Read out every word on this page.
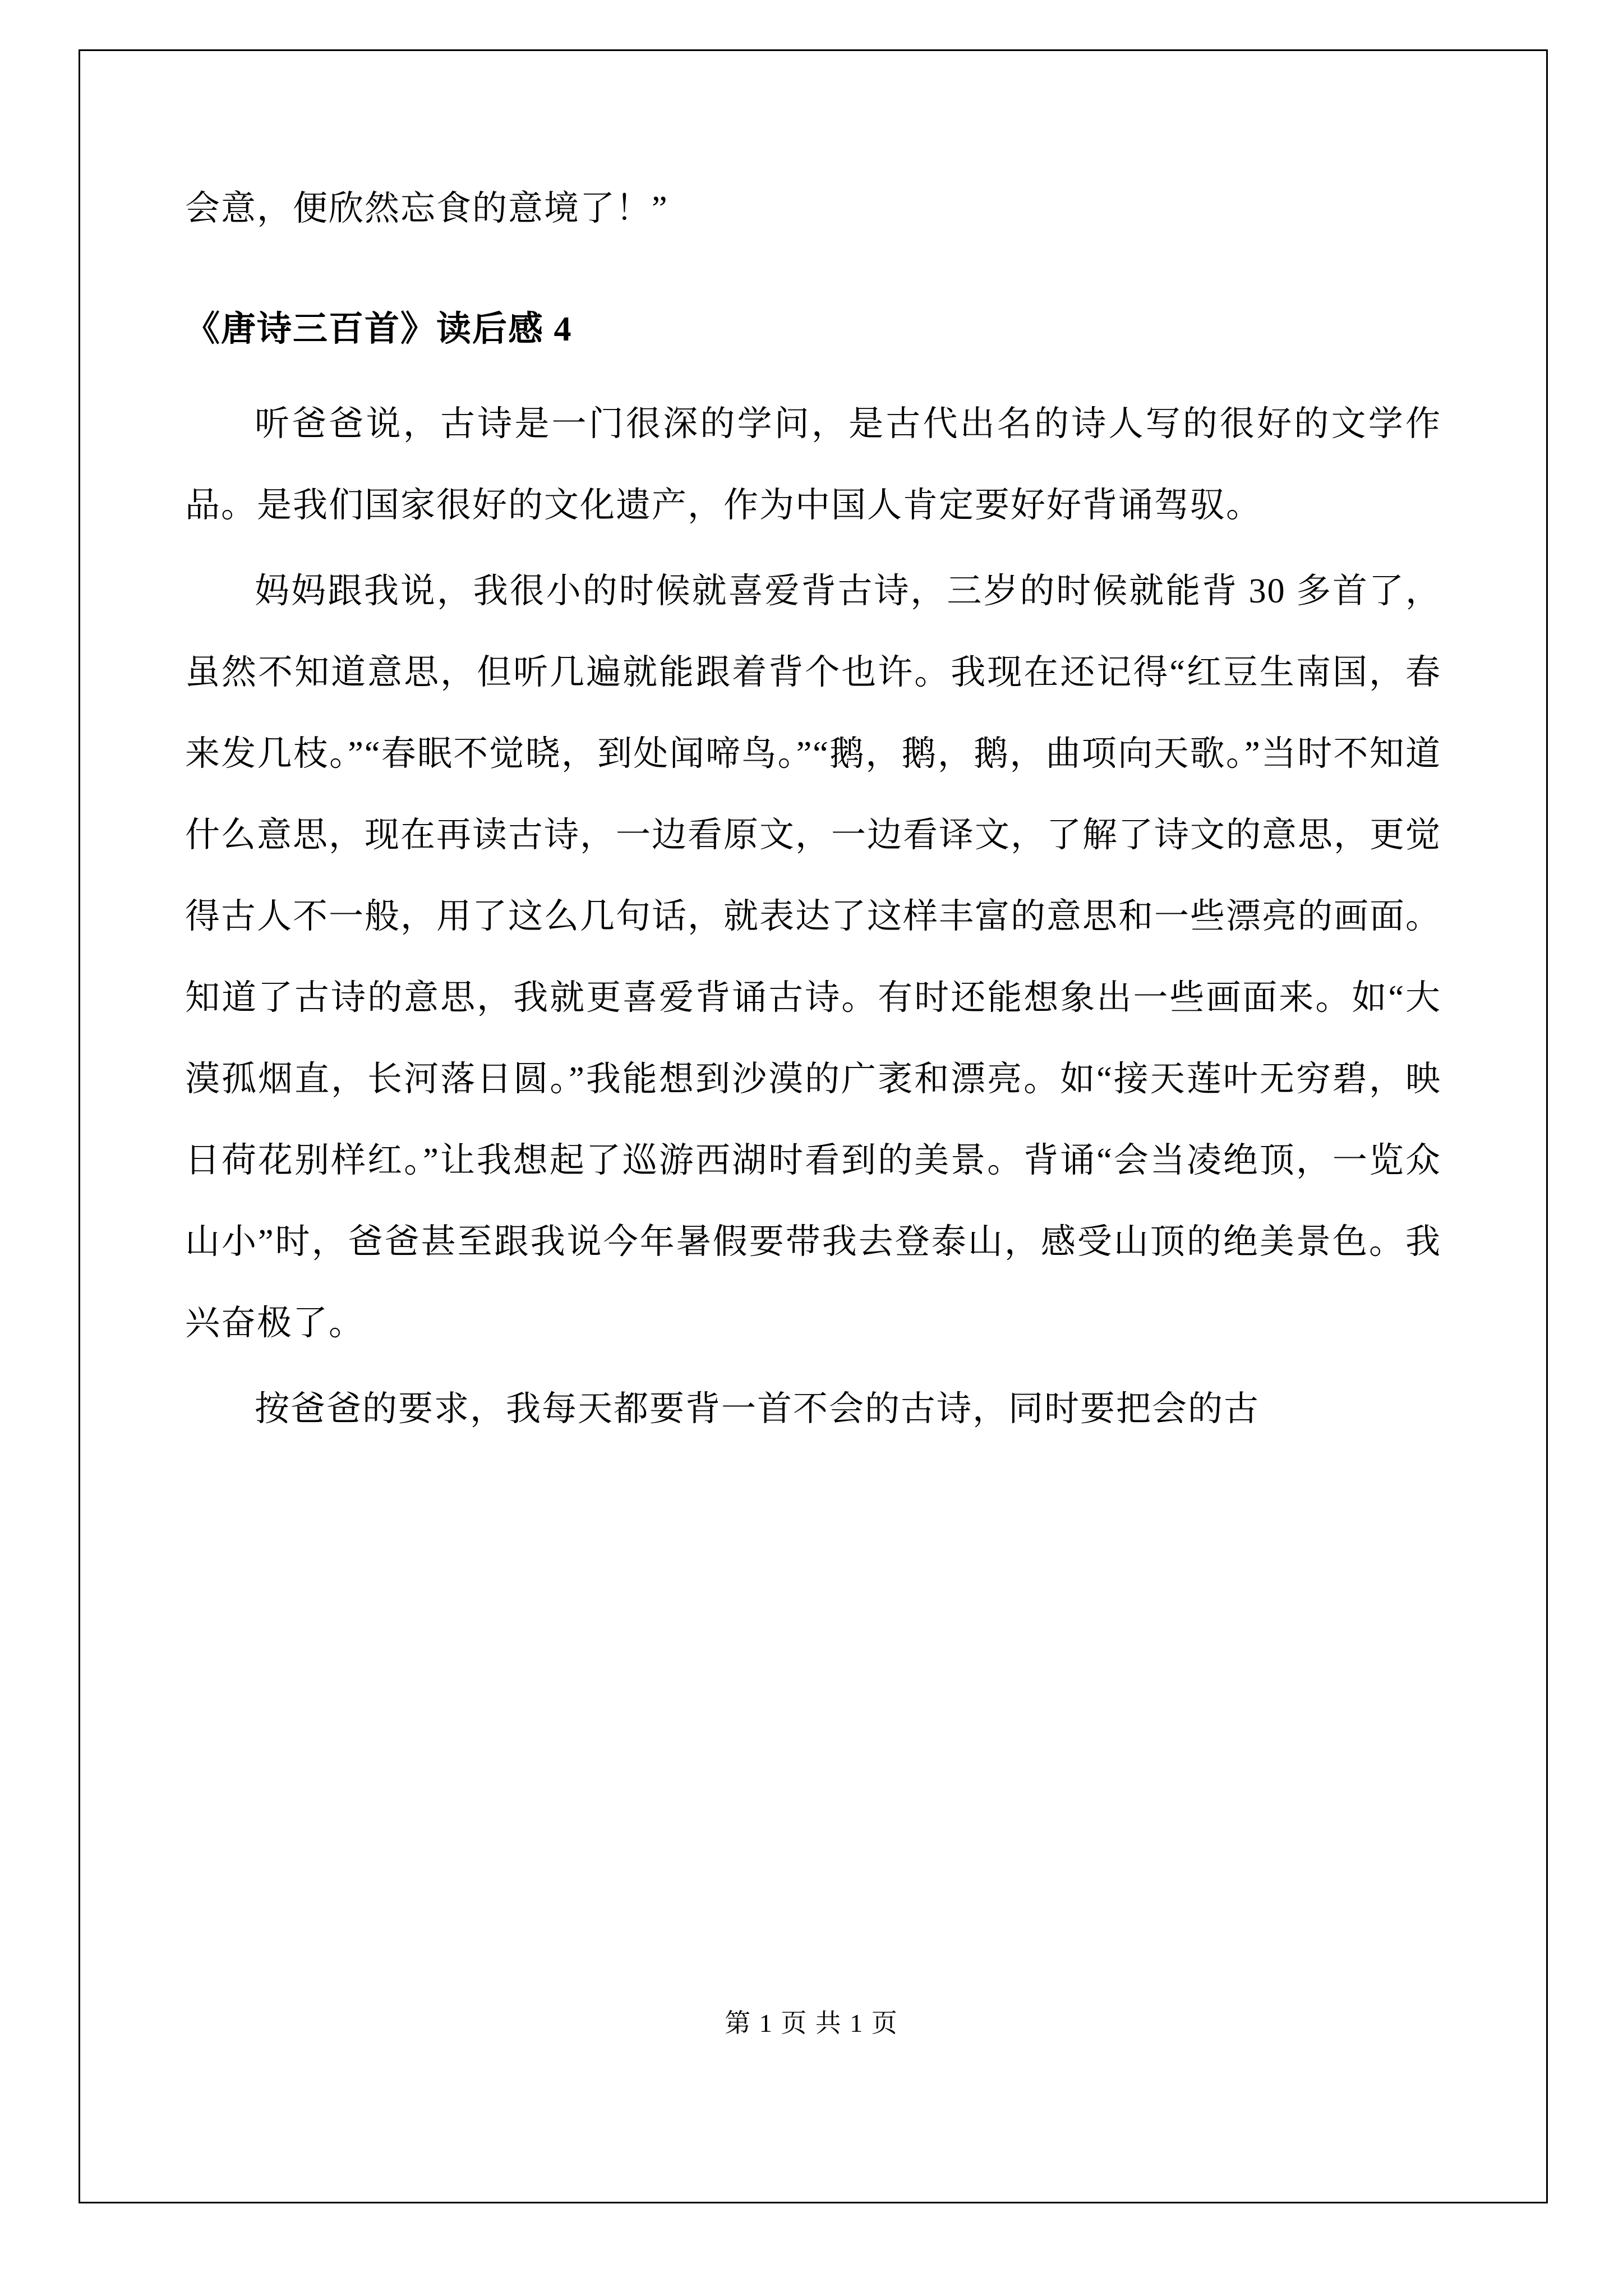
会意，便欣然忘食的意境了！”

《唐诗三百首》读后感 4

听爸爸说，古诗是一门很深的学问，是古代出名的诗人写的很好的文学作品。是我们国家很好的文化遗产，作为中国人肯定要好好背诵驾驭。

妈妈跟我说，我很小的时候就喜爱背古诗，三岁的时候就能背 30 多首了，虽然不知道意思，但听几遍就能跟着背个也许。我现在还记得“红豆生南国，春来发几枝。”“春眠不觉晓，到处闻啼鸟。”“鹅，鹅，鹅，曲项向天歌。”当时不知道什么意思，现在再读古诗，一边看原文，一边看译文，了解了诗文的意思，更觉得古人不一般，用了这么几句话，就表达了这样丰富的意思和一些漂亮的画面。知道了古诗的意思，我就更喜爱背诵古诗。有时还能想象出一些画面来。如“大漠孤烟直，长河落日圆。”我能想到沙漠的广袤和漂亮。如“接天莲叶无穷碧，映日荷花别样红。”让我想起了巡游西湖时看到的美景。背诵“会当凌绝顶，一览众山小”时，爸爸甚至跟我说今年暑假要带我去登泰山，感受山顶的绝美景色。我兴奋极了。

按爸爸的要求，我每天都要背一首不会的古诗，同时要把会的古

第 1 页 共 1 页
